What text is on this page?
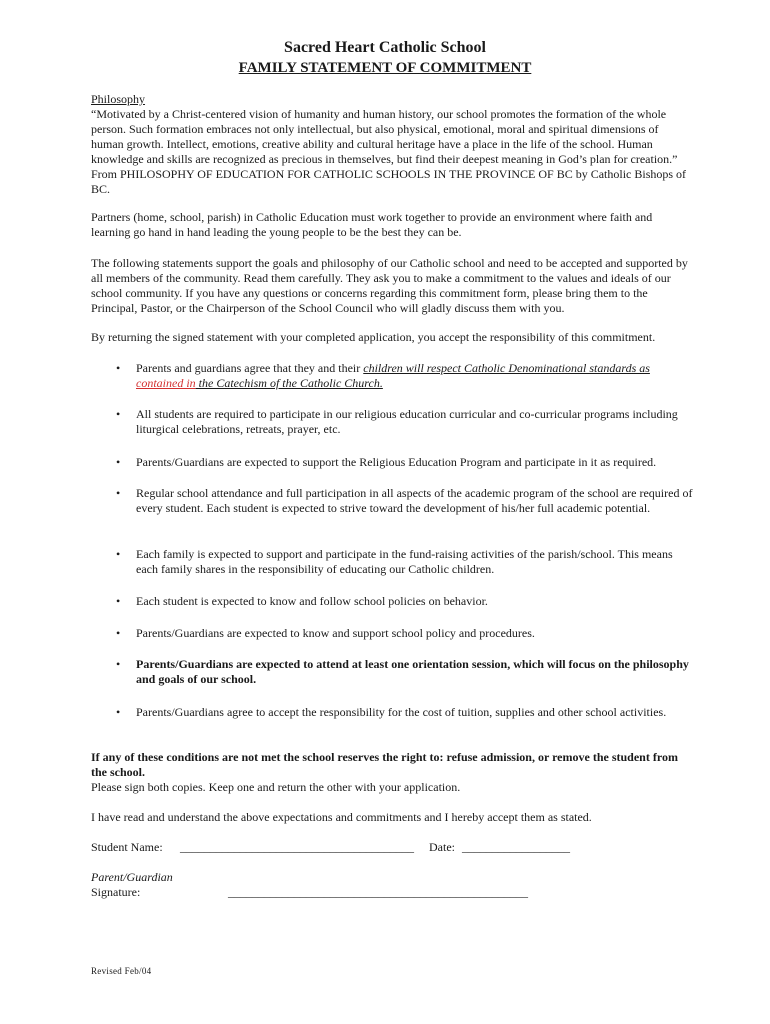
Sacred Heart Catholic School
FAMILY STATEMENT OF COMMITMENT
Philosophy
“Motivated by a Christ-centered vision of humanity and human history, our school promotes the formation of the whole person. Such formation embraces not only intellectual, but also physical, emotional, moral and spiritual dimensions of human growth. Intellect, emotions, creative ability and cultural heritage have a place in the life of the school. Human knowledge and skills are recognized as precious in themselves, but find their deepest meaning in God’s plan for creation.” From PHILOSOPHY OF EDUCATION FOR CATHOLIC SCHOOLS IN THE PROVINCE OF BC by Catholic Bishops of BC.
Partners (home, school, parish) in Catholic Education must work together to provide an environment where faith and learning go hand in hand leading the young people to be the best they can be.
The following statements support the goals and philosophy of our Catholic school and need to be accepted and supported by all members of the community. Read them carefully. They ask you to make a commitment to the values and ideals of our school community. If you have any questions or concerns regarding this commitment form, please bring them to the Principal, Pastor, or the Chairperson of the School Council who will gladly discuss them with you.
By returning the signed statement with your completed application, you accept the responsibility of this commitment.
• Parents and guardians agree that they and their children will respect Catholic Denominational standards as
contained in the Catechism of the Catholic Church.
• All students are required to participate in our religious education curricular and co-curricular programs including liturgical celebrations, retreats, prayer, etc.
• Parents/Guardians are expected to support the Religious Education Program and participate in it as required.
• Regular school attendance and full participation in all aspects of the academic program of the school are required of every student. Each student is expected to strive toward the development of his/her full academic potential.
• Each family is expected to support and participate in the fund-raising activities of the parish/school. This means each family shares in the responsibility of educating our Catholic children.
• Each student is expected to know and follow school policies on behavior.
• Parents/Guardians are expected to know and support school policy and procedures.
• Parents/Guardians are expected to attend at least one orientation session, which will focus on the philosophy and goals of our school.
• Parents/Guardians agree to accept the responsibility for the cost of tuition, supplies and other school activities.
If any of these conditions are not met the school reserves the right to: refuse admission, or remove the student from the school.
Please sign both copies. Keep one and return the other with your application.
I have read and understand the above expectations and commitments and I hereby accept them as stated.
Student Name: _______________________________________ Date: __________________
Parent/Guardian
Signature:	__________________________________________________
Revised Feb/04
